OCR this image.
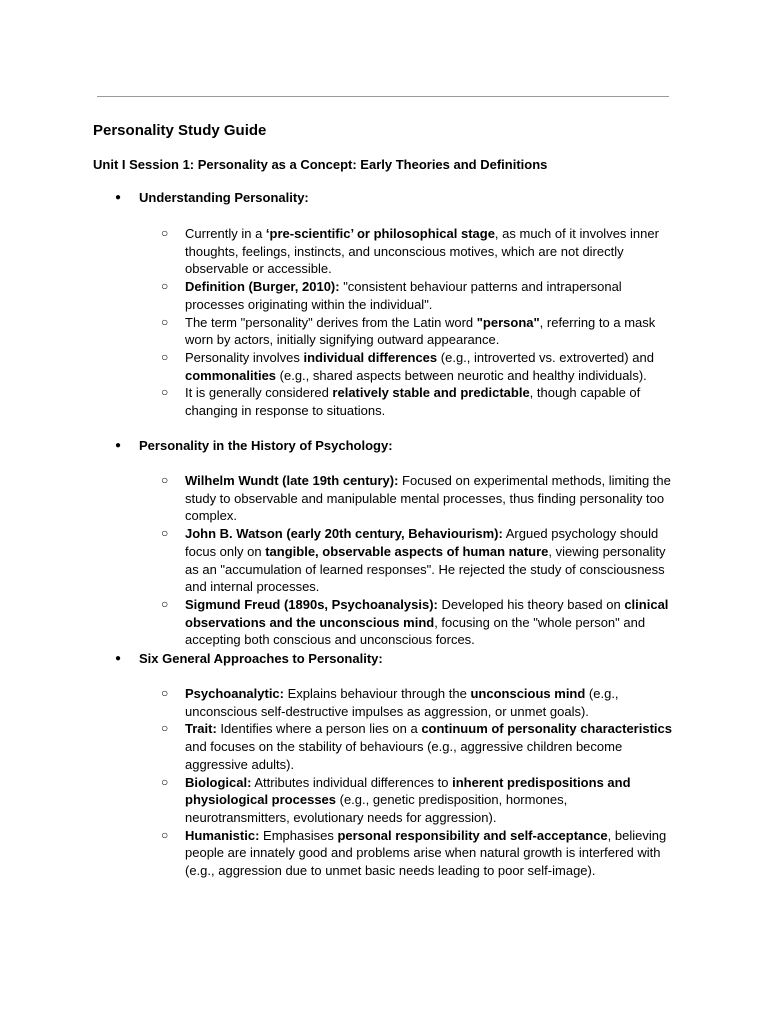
Personality Study Guide
Unit I Session 1: Personality as a Concept: Early Theories and Definitions
●	Understanding Personality:
○ Currently in a ‘pre-scientific’ or philosophical stage, as much of it involves inner thoughts, feelings, instincts, and unconscious motives, which are not directly observable or accessible.
○ Definition (Burger, 2010): "consistent behaviour patterns and intrapersonal processes originating within the individual".
○ The term "personality" derives from the Latin word "persona", referring to a mask worn by actors, initially signifying outward appearance.
○ Personality involves individual differences (e.g., introverted vs. extroverted) and commonalities (e.g., shared aspects between neurotic and healthy individuals).
○ It is generally considered relatively stable and predictable, though capable of changing in response to situations.
●	Personality in the History of Psychology:
○ Wilhelm Wundt (late 19th century): Focused on experimental methods, limiting the study to observable and manipulable mental processes, thus finding personality too complex.
○ John B. Watson (early 20th century, Behaviourism): Argued psychology should focus only on tangible, observable aspects of human nature, viewing personality as an "accumulation of learned responses". He rejected the study of consciousness and internal processes.
○ Sigmund Freud (1890s, Psychoanalysis): Developed his theory based on clinical observations and the unconscious mind, focusing on the "whole person" and accepting both conscious and unconscious forces.
●	Six General Approaches to Personality:
○ Psychoanalytic: Explains behaviour through the unconscious mind (e.g., unconscious self-destructive impulses as aggression, or unmet goals).
○ Trait: Identifies where a person lies on a continuum of personality characteristics and focuses on the stability of behaviours (e.g., aggressive children become aggressive adults).
○ Biological: Attributes individual differences to inherent predispositions and physiological processes (e.g., genetic predisposition, hormones, neurotransmitters, evolutionary needs for aggression).
○ Humanistic: Emphasises personal responsibility and self-acceptance, believing people are innately good and problems arise when natural growth is interfered with (e.g., aggression due to unmet basic needs leading to poor self-image).
